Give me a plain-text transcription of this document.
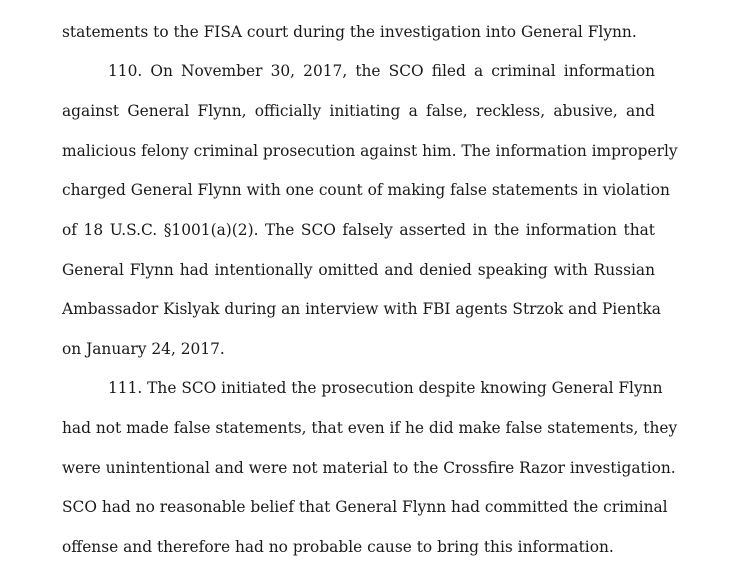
statements to the FISA court during the investigation into General Flynn.
110. On November 30, 2017, the SCO filed a criminal information
against General Flynn, officially initiating a false, reckless, abusive, and
malicious felony criminal prosecution against him. The information improperly
charged General Flynn with one count of making false statements in violation
of 18 U.S.C. §1001(a)(2). The SCO falsely asserted in the information that
General Flynn had intentionally omitted and denied speaking with Russian
Ambassador Kislyak during an interview with FBI agents Strzok and Pientka
on January 24, 2017.
111. The SCO initiated the prosecution despite knowing General Flynn
had not made false statements, that even if he did make false statements, they
were unintentional and were not material to the Crossfire Razor investigation.
SCO had no reasonable belief that General Flynn had committed the criminal
offense and therefore had no probable cause to bring this information.
